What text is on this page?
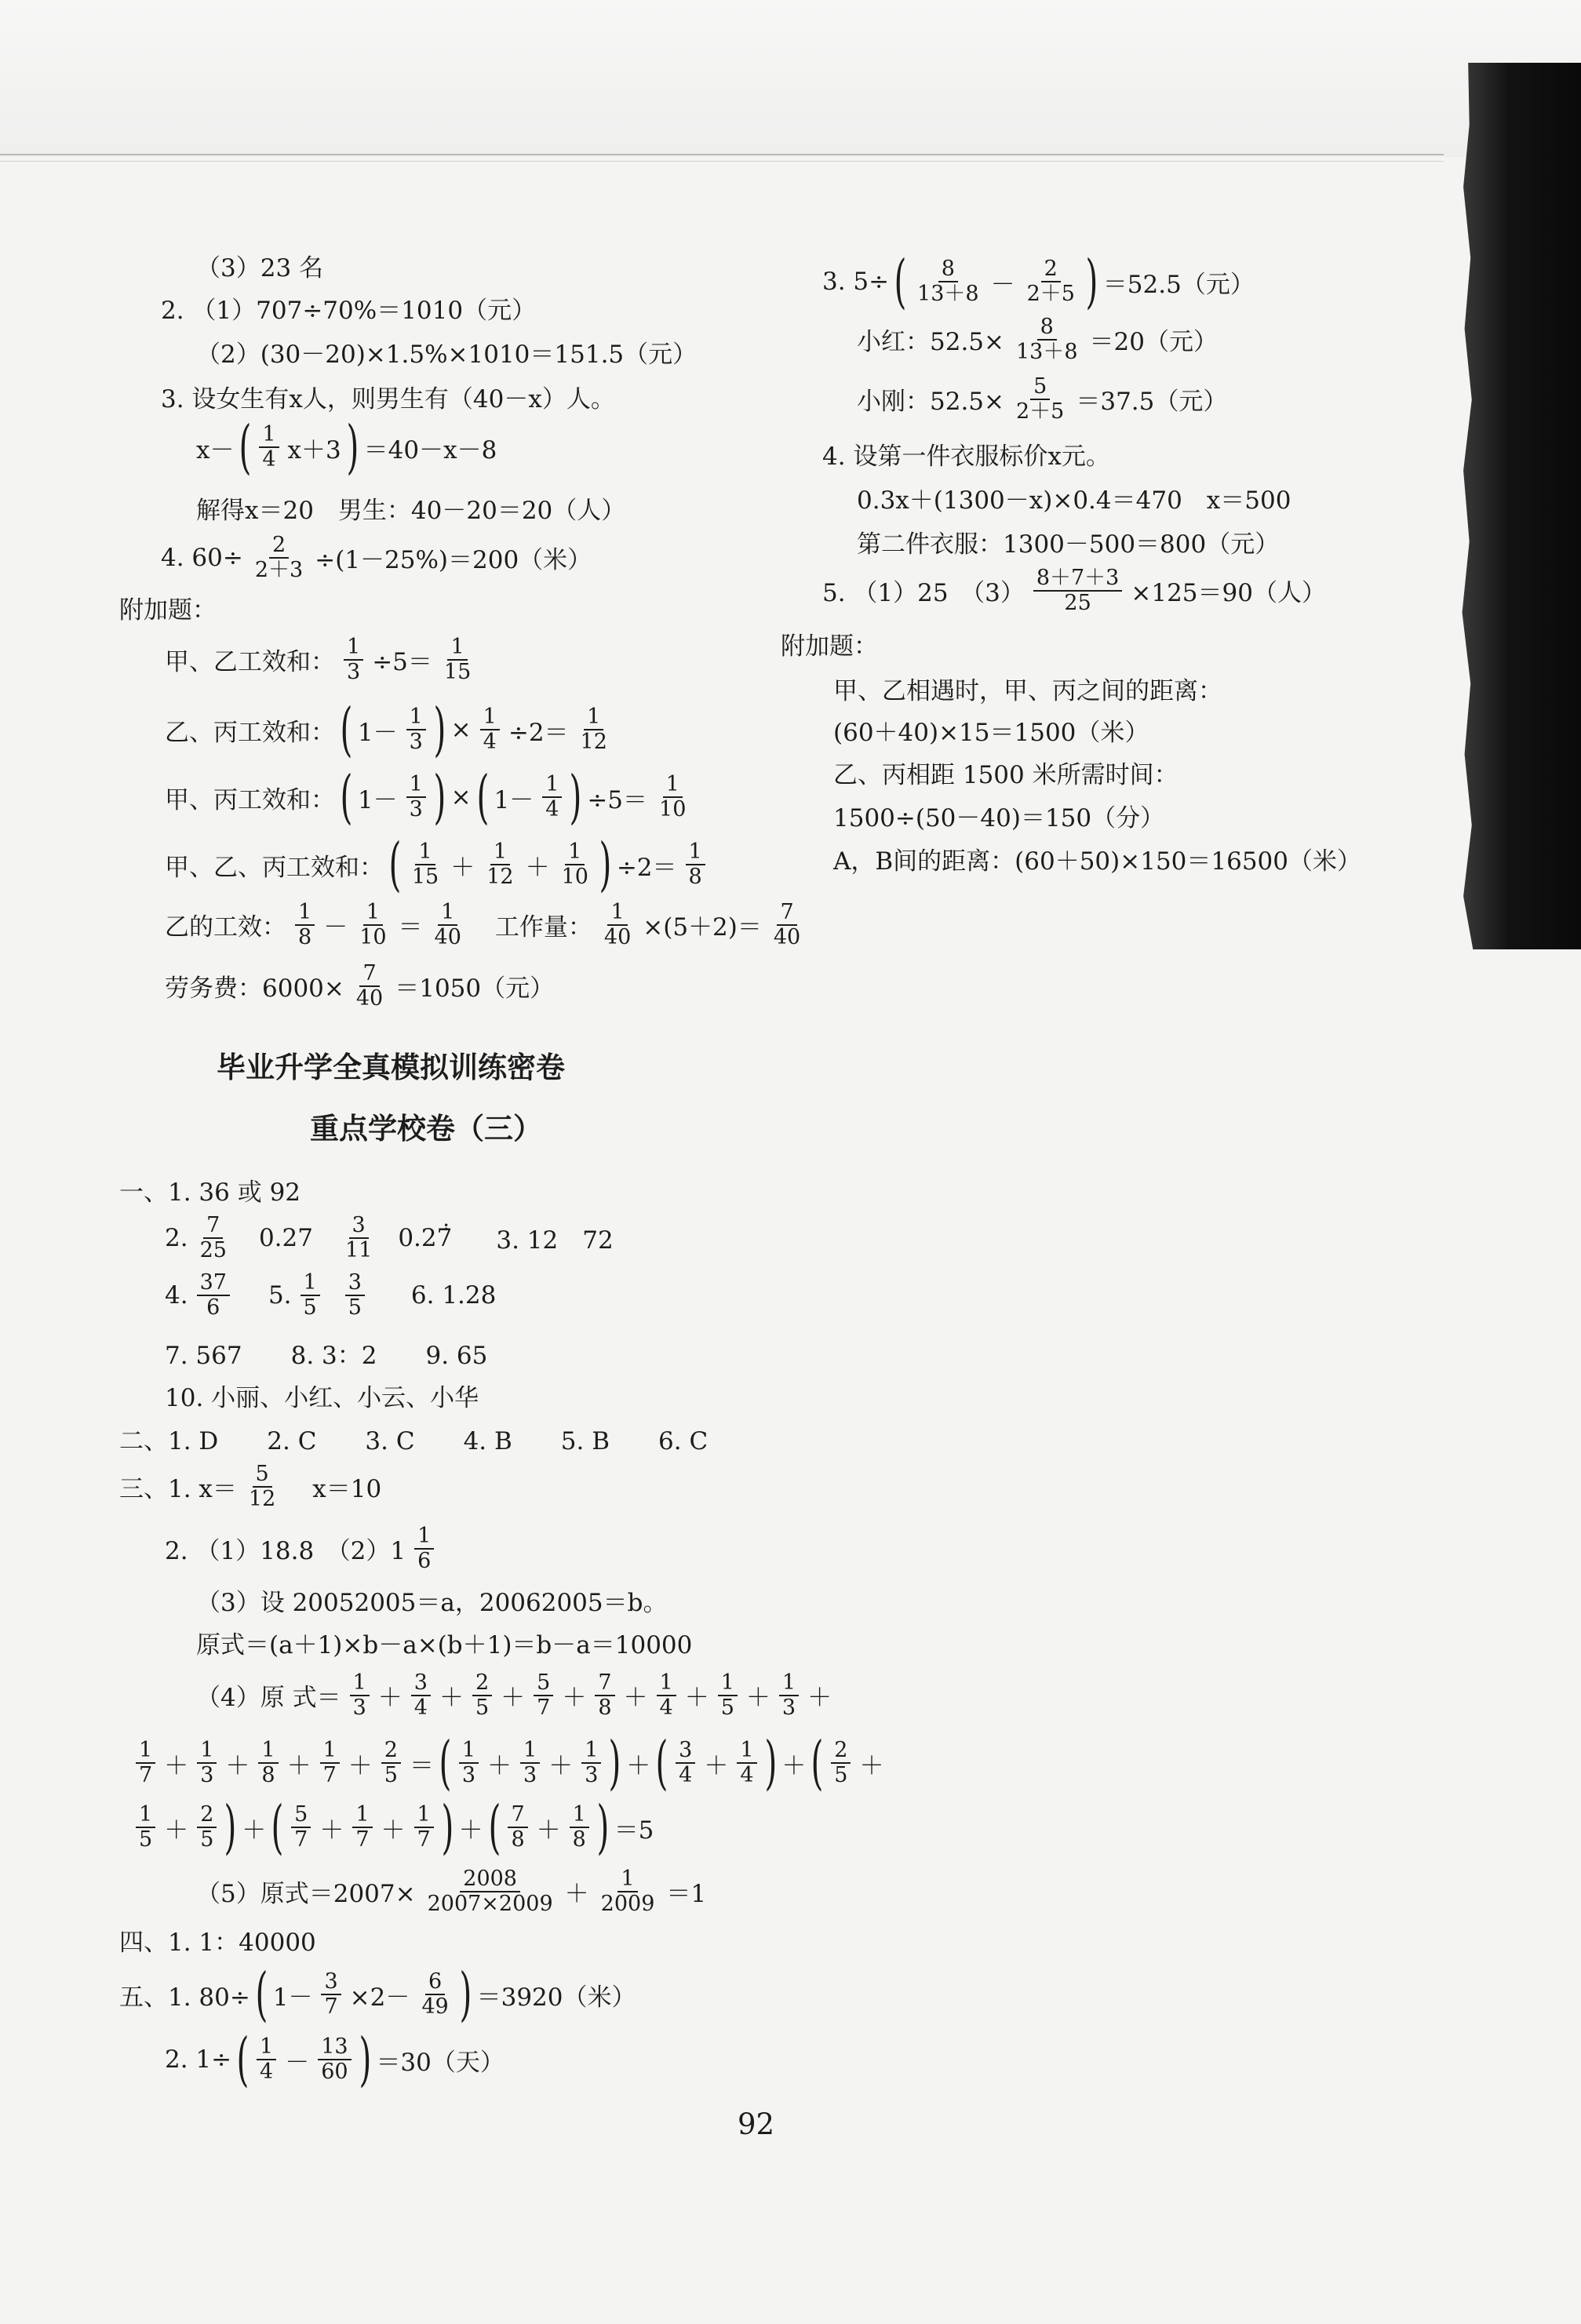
（3）23 名
2. （1）707÷70%＝1010（元）
（2）(30－20)×1.5%×1010＝151.5（元）
3. 设女生有x人，则男生有（40－x）人。
x－ ( $\frac{1}{4} x+3$ ) ＝40－x－8
解得x＝20　男生：40－20＝20（人）
4. $60\div \frac{2}{2+3} \div(1-25\%)=200$（米）
附加题：
甲、乙工效和： $\frac{1}{3} \div 5= \frac{1}{15}$
乙、丙工效和： ( $1- \frac{1}{3}$ ) × $\frac{1}{4} \div 2= \frac{1}{12}$
甲、丙工效和： ( $1- \frac{1}{3}$ ) × ( $1- \frac{1}{4}$ ) $\div 5= \frac{1}{10}$
甲、乙、丙工效和： ( $\frac{1}{15} + \frac{1}{12} + \frac{1}{10}$ ) $\div 2= \frac{1}{8}$
乙的工效： $\frac{1}{8} - \frac{1}{10} = \frac{1}{40}$ 工作量： $\frac{1}{40} \times(5+2)= \frac{7}{40}$
劳务费：$6000\times \frac{7}{40} =1050$（元）
毕业升学全真模拟训练密卷
重点学校卷（三）
一、1. 36 或 92
2. $\frac{7}{25} 0.27 \frac{3}{11}$ 0.27̇̇ 3. 12　72
4. $\frac{37}{6} 5$. $\frac{1}{5} \frac{3}{5} 6$. 1.28
7. 567　　8. 3：2　　9. 65
10. 小丽、小红、小云、小华
二、1. D　　2. C　　3. C　　4. B　　5. B　　6. C
三、1. $x= \frac{5}{12} x=10$
2. （1）18.8　$(2)1 \frac{1}{6}$
（3）设 20052005＝a，20062005＝b。
原式＝(a＋1)×b－a×(b＋1)＝b－a＝10000
（4）原 式＝ $\frac{1}{3} + \frac{3}{4} + \frac{2}{5} + \frac{5}{7} + \frac{7}{8} + \frac{1}{4} + \frac{1}{5} + \frac{1}{3}$ ＋
$\frac{1}{7} + \frac{1}{3} + \frac{1}{8} + \frac{1}{7} + \frac{2}{5}$ ＝ ( $\frac{1}{3} + \frac{1}{3} + \frac{1}{3}$ ) ＋ ( $\frac{3}{4} + \frac{1}{4}$ ) ＋ ( $\frac{2}{5}$ ＋
$\frac{1}{5} + \frac{2}{5}$ ) ＋ ( $\frac{5}{7} + \frac{1}{7} + \frac{1}{7}$ ) ＋ ( $\frac{7}{8} + \frac{1}{8}$ ) ＝5
（5）原式$=2007\times \frac{2008}{2007\times 2009} + \frac{1}{2009} =1$
四、1. 1：40000
五、1. 80÷ ( $1- \frac{3}{7} \times 2- \frac{6}{49}$ ) ＝3920（米）
2. 1÷ ( $\frac{1}{4} - \frac{13}{60}$ ) ＝30（天）
3. 5÷ ( $\frac{8}{13+8} - \frac{2}{2+5}$ ) ＝52.5（元）
小红：$52.5\times \frac{8}{13+8} =20$（元）
小刚：$52.5\times \frac{5}{2+5} =37.5$（元）
4. 设第一件衣服标价x元。
0.3x＋(1300－x)×0.4＝470　x＝500
第二件衣服：1300－500＝800（元）
5. （1）25　$(3) \frac{8+7+3}{25} \times 125=90$（人）
附加题：
甲、乙相遇时，甲、丙之间的距离：
(60＋40)×15＝1500（米）
乙、丙相距 1500 米所需时间：
1500÷(50－40)＝150（分）
A，B间的距离：(60＋50)×150＝16500（米）
92
